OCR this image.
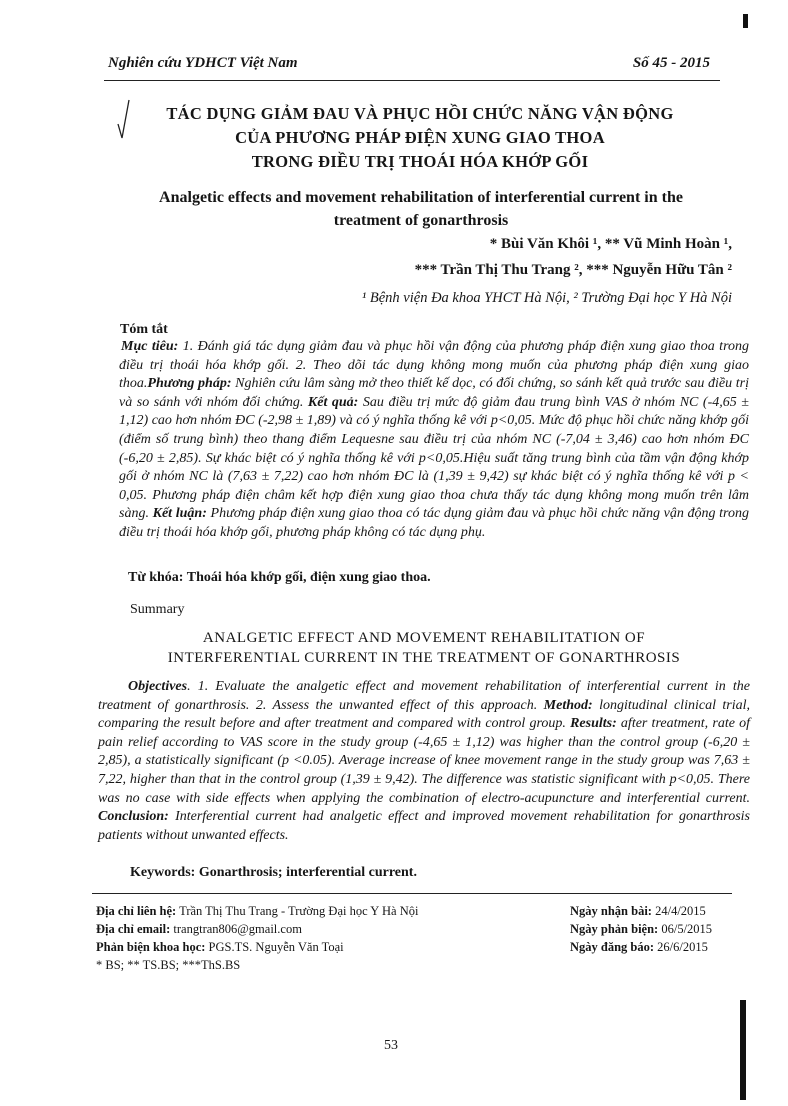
Nghiên cứu YDHCT Việt Nam	Số 45 - 2015
TÁC DỤNG GIẢM ĐAU VÀ PHỤC HỒI CHỨC NĂNG VẬN ĐỘNG
CỦA PHƯƠNG PHÁP ĐIỆN XUNG GIAO THOA
TRONG ĐIỀU TRỊ THOÁI HÓA KHỚP GỐI
Analgetic effects and movement rehabilitation of interferential current in the
treatment of gonarthrosis
* Bùi Văn Khôi ¹, ** Vũ Minh Hoàn ¹,
*** Trần Thị Thu Trang ², *** Nguyễn Hữu Tân ²
¹ Bệnh viện Đa khoa YHCT Hà Nội, ² Trường Đại học Y Hà Nội
Tóm tắt
Mục tiêu: 1. Đánh giá tác dụng giảm đau và phục hồi vận động của phương pháp điện xung giao thoa trong điều trị thoái hóa khớp gối. 2. Theo dõi tác dụng không mong muốn của phương pháp điện xung giao thoa.Phương pháp: Nghiên cứu lâm sàng mở theo thiết kế dọc, có đối chứng, so sánh kết quả trước sau điều trị và so sánh với nhóm đối chứng. Kết quả: Sau điều trị mức độ giảm đau trung bình VAS ở nhóm NC (-4,65 ± 1,12) cao hơn nhóm ĐC (-2,98 ± 1,89) và có ý nghĩa thống kê với p<0,05. Mức độ phục hồi chức năng khớp gối (điểm số trung bình) theo thang điểm Lequesne sau điều trị của nhóm NC (-7,04 ± 3,46) cao hơn nhóm ĐC (-6,20 ± 2,85). Sự khác biệt có ý nghĩa thống kê với p<0,05.Hiệu suất tăng trung bình của tầm vận động khớp gối ở nhóm NC là (7,63 ± 7,22) cao hơn nhóm ĐC là (1,39 ± 9,42) sự khác biệt có ý nghĩa thống kê với p < 0,05. Phương pháp điện châm kết hợp điện xung giao thoa chưa thấy tác dụng không mong muốn trên lâm sàng. Kết luận: Phương pháp điện xung giao thoa có tác dụng giảm đau và phục hồi chức năng vận động trong điều trị thoái hóa khớp gối, phương pháp không có tác dụng phụ.
Từ khóa: Thoái hóa khớp gối, điện xung giao thoa.
Summary
ANALGETIC EFFECT AND MOVEMENT REHABILITATION OF
INTERFERENTIAL CURRENT IN THE TREATMENT OF GONARTHROSIS
Objectives. 1. Evaluate the analgetic effect and movement rehabilitation of interferential current in the treatment of gonarthrosis. 2. Assess the unwanted effect of this approach. Method: longitudinal clinical trial, comparing the result before and after treatment and compared with control group. Results: after treatment, rate of pain relief according to VAS score in the study group (-4,65 ± 1,12) was higher than the control group (-6,20 ± 2,85), a statistically significant (p <0.05). Average increase of knee movement range in the study group was 7,63 ± 7,22, higher than that in the control group (1,39 ± 9,42). The difference was statistic significant with p<0,05. There was no case with side effects when applying the combination of electro-acupuncture and interferential current. Conclusion: Interferential current had analgetic effect and improved movement rehabilitation for gonarthrosis patients without unwanted effects.
Keywords: Gonarthrosis; interferential current.
Địa chỉ liên hệ: Trần Thị Thu Trang - Trường Đại học Y Hà Nội
Địa chỉ email: trangtran806@gmail.com
Phản biện khoa học: PGS.TS. Nguyễn Văn Toại
* BS; ** TS.BS; ***ThS.BS
Ngày nhận bài: 24/4/2015
Ngày phản biện: 06/5/2015
Ngày đăng báo: 26/6/2015
53
